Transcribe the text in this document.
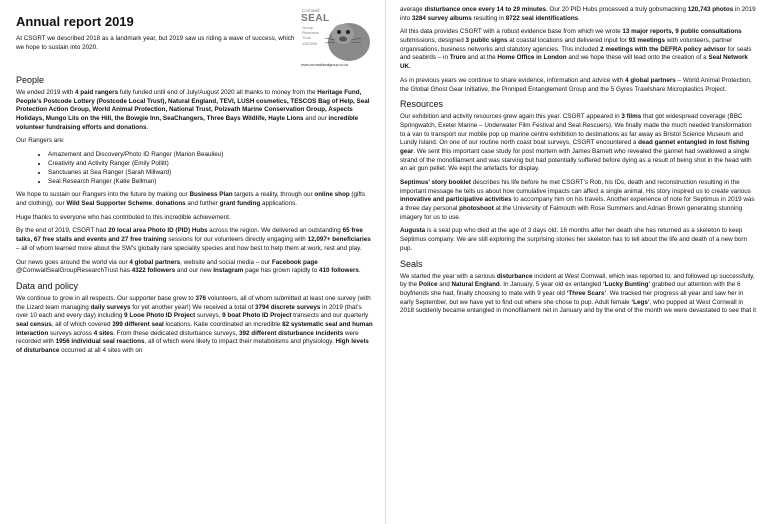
Annual report 2019

At CSGRT we described 2018 as a landmark year, but 2019 saw us riding a wave of success, which we hope to sustain into 2020.

Cornwall
SEAL
Group Research Trust
1152896
www.cornwallsealgroup.co.uk
People

We ended 2019 with 4 paid rangers fully funded until end of July/August 2020 all thanks to money from the Heritage Fund, People’s Postcode Lottery (Postcode Local Trust), Natural England, TEVI, LUSH cosmetics, TESCOS Bag of Help, Seal Protection Action Group, World Animal Protection, National Trust, Polzeath Marine Conservation Group, Aspects Holidays, Mungo Lils on the Hill, the Bowgie Inn, SeaChangers, Three Bays Wildlife, Hayle Lions and our incredible volunteer fundraising efforts and donations.

Our Rangers are:

• Amazement and Discovery/Photo ID Ranger (Marion Beaulieu)
• Creativity and Activity Ranger (Emily Pollitt)
• Sanctuaries at Sea Ranger (Sarah Millward)
• Seal Research Ranger (Katie Bellman)

We hope to sustain our Rangers into the future by making our Business Plan targets a reality, through our online shop (gifts and clothing), our Wild Seal Supporter Scheme, donations and further grant funding applications.

Huge thanks to everyone who has contributed to this incredible achievement.

By the end of 2019, CSGRT had 20 local area Photo ID (PID) Hubs across the region. We delivered an outstanding 65 free talks, 67 free stalls and events and 27 free training sessions for our volunteers directly engaging with 12,097+ beneficiaries – all of whom learned more about the SW’s globally rare speciality species and how best to help them at work, rest and play.

Our news goes around the world via our 4 global partners, website and social media – our Facebook page @CornwallSealGroupResearchTrust has 4322 followers and our new Instagram page has grown rapidly to 410 followers.

Data and policy

We continue to grow in all respects. Our supporter base grew to 376 volunteers, all of whom submitted at least one survey (with the Lizard team managing daily surveys for yet another year!) We received a total of 3794 discrete surveys in 2019 (that’s over 10 each and every day) including 9 Looe Photo ID Project surveys, 9 boat Photo ID Project transects and our quarterly seal census, all of which covered 399 different seal locations. Katie coordinated an incredible 82 systematic seal and human interaction surveys across 4 sites. From these dedicated disturbance surveys, 392 different disturbance incidents were recorded with 1956 individual seal reactions, all of which were likely to impact their metabolisms and physiology. High levels of disturbance occurred at all 4 sites with on

average disturbance once every 14 to 29 minutes. Our 20 PID Hubs processed a truly gobsmacking 120,743 photos in 2019 into 3284 survey albums resulting in 8722 seal identifications.

All this data provides CSGRT with a robust evidence base from which we wrote 13 major reports, 9 public consultations submissions, designed 3 public signs at coastal locations and delivered input for 93 meetings with volunteers, partner organisations, business networks and statutory agencies. This included 2 meetings with the DEFRA policy advisor for seals and seabirds – in Truro and at the Home Office in London and we hope these will lead onto the creation of a Seal Network UK.

As in previous years we continue to share evidence, information and advice with 4 global partners – World Animal Protection, the Global Ghost Gear Initiative, the Pinniped Entanglement Group and the 5 Gyres Trawlshare Microplastics Project.

Resources

Our exhibition and activity resources grew again this year. CSGRT appeared in 3 films that got widespread coverage (BBC Springwatch, Exeter Marine – Underwater Film Festival and Seal Rescuers). We finally made the much needed transformation to a van to transport our mobile pop up marine centre exhibition to destinations as far away as Bristol Science Museum and Lundy Island. On one of our routine north coast boat surveys, CSGRT encountered a dead gannet entangled in lost fishing gear. We sent this important case study for post mortem with James Barnett who revealed the gannet had swallowed a single strand of the monofilament and was starving but had potentially suffered before dying as a result of being shot in the head with an air gun pellet. We kept the artefacts for display.

Septimus’ story booklet describes his life before he met CSGRT’s Rob, his IDs, death and reconstruction resulting in the important message he tells us about how cumulative impacts can affect a single animal. His story inspired us to create various innovative and participative activities to accompany him on his travels. Another experience of note for Septimus in 2019 was a three day personal photoshoot at the University of Falmouth with Rose Summers and Adrian Brown generating stunning imagery for us to use.

Augusta is a seal pup who died at the age of 3 days old. 16 months after her death she has returned as a skeleton to keep Septimus company. We are still exploring the surprising stories her skeleton has to tell about the life and death of a new born pup.

Seals

We started the year with a serious disturbance incident at West Cornwall, which was reported to, and followed up successfully, by the Police and Natural England. In January, 5 year old ex entangled ‘Lucky Bunting’ grabbed our attention with the 6 boyfriends she had, finally choosing to mate with 9 year old ‘Three Scars’. We tracked her progress all year and saw her in early September, but we have yet to find out where she chose to pup. Adult female ‘Legs’, who pupped at West Cornwall in 2018 suddenly became entangled in monofilament net in January and by the end of the month we were devastated to see that it
